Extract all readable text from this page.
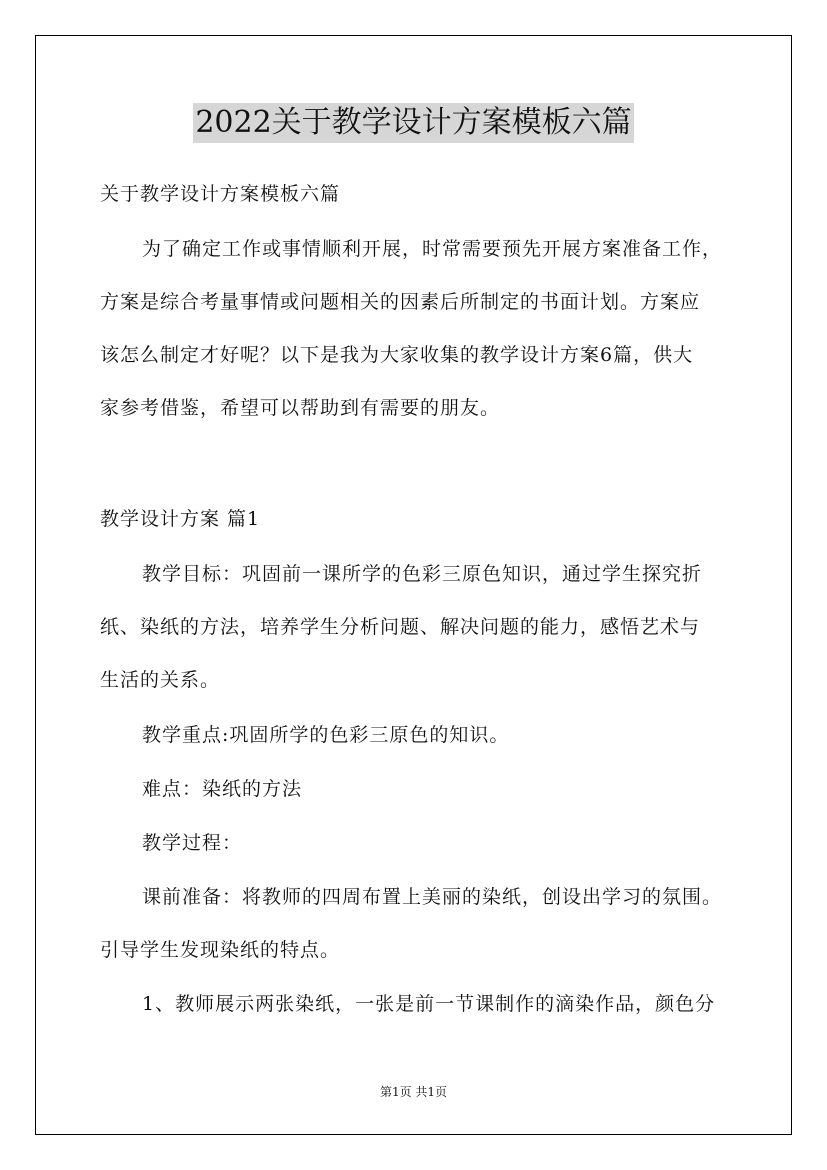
2022关于教学设计方案模板六篇
关于教学设计方案模板六篇
为了确定工作或事情顺利开展，时常需要预先开展方案准备工作，
方案是综合考量事情或问题相关的因素后所制定的书面计划。方案应
该怎么制定才好呢？以下是我为大家收集的教学设计方案6篇，供大
家参考借鉴，希望可以帮助到有需要的朋友。
教学设计方案 篇1
教学目标：巩固前一课所学的色彩三原色知识，通过学生探究折
纸、染纸的方法，培养学生分析问题、解决问题的能力，感悟艺术与
生活的关系。
教学重点:巩固所学的色彩三原色的知识。
难点：染纸的方法
教学过程：
课前准备：将教师的四周布置上美丽的染纸，创设出学习的氛围。
引导学生发现染纸的特点。
1、教师展示两张染纸，一张是前一节课制作的滴染作品，颜色分
第1页 共1页
